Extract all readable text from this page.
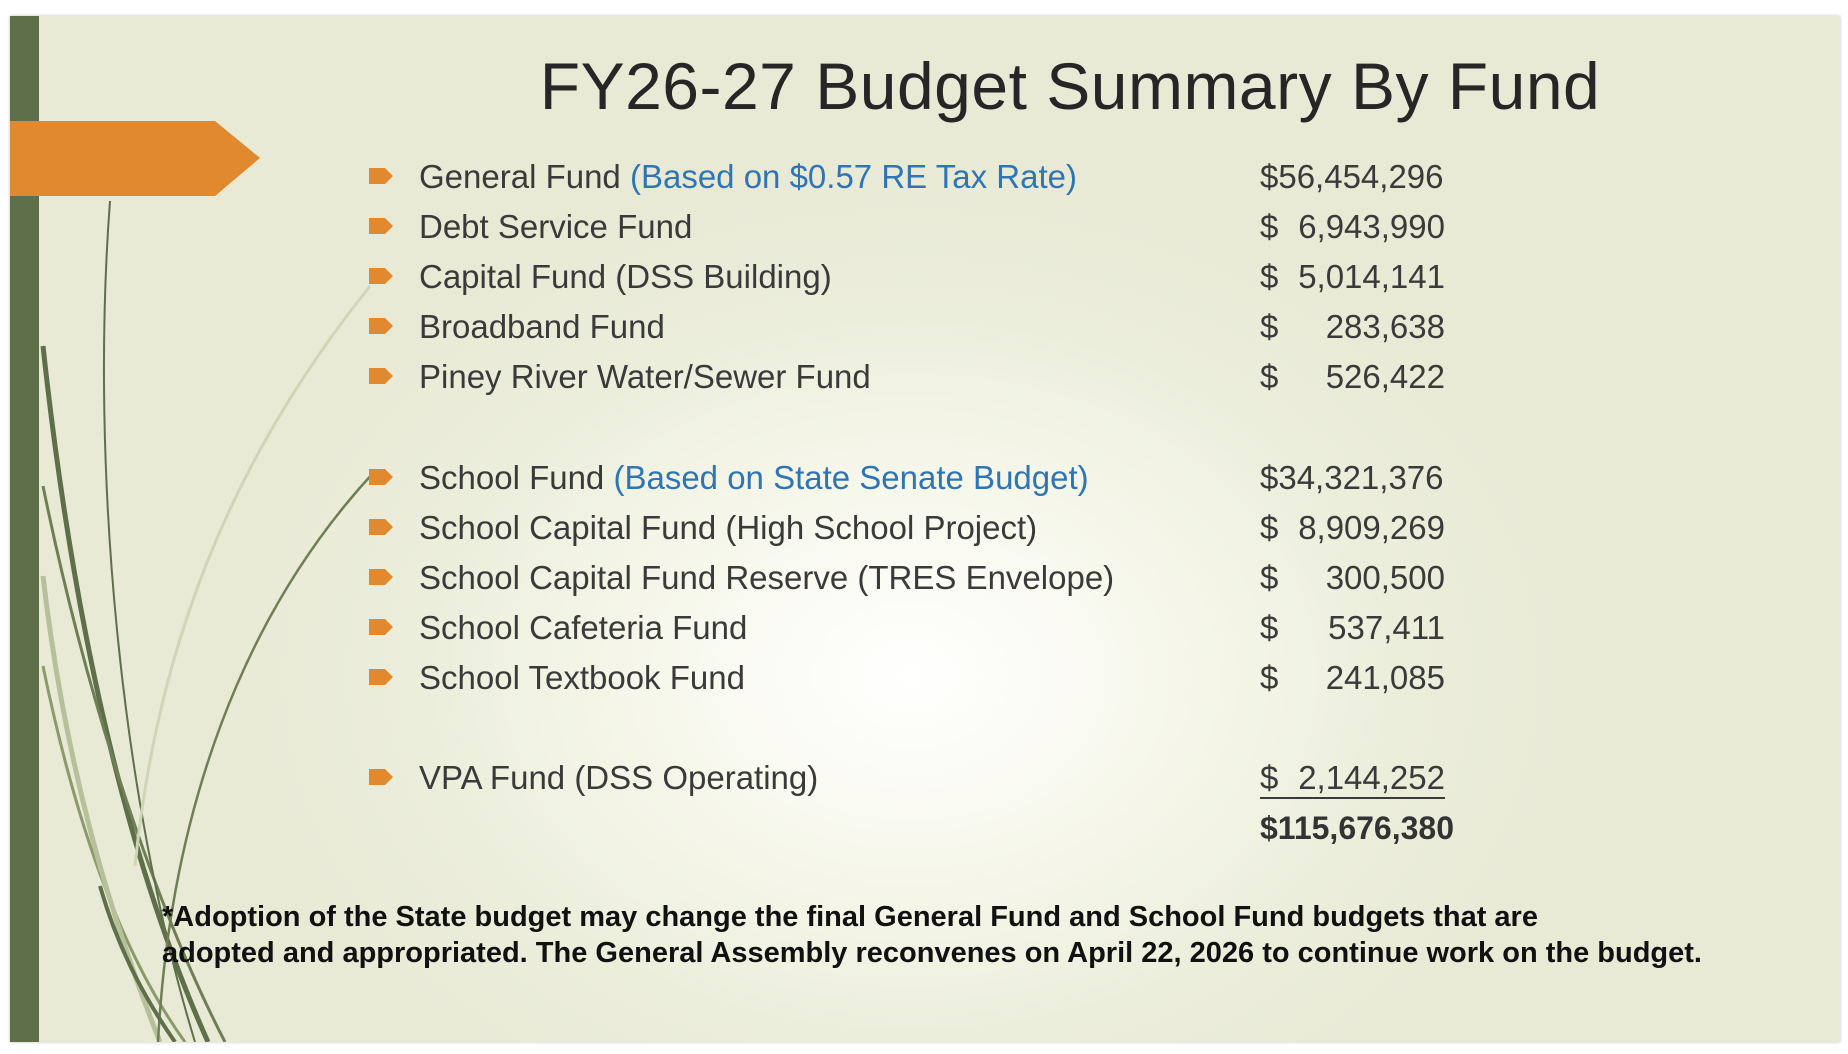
FY26-27 Budget Summary By Fund
General Fund (Based on $0.57 RE Tax Rate)	$56,454,296
Debt Service Fund	$ 6,943,990
Capital Fund (DSS Building)	$ 5,014,141
Broadband Fund	$ 283,638
Piney River Water/Sewer Fund	$ 526,422
School Fund (Based on State Senate Budget)	$34,321,376
School Capital Fund (High School Project)	$ 8,909,269
School Capital Fund Reserve (TRES Envelope)	$ 300,500
School Cafeteria Fund	$ 537,411
School Textbook Fund	$ 241,085
VPA Fund (DSS Operating)	$ 2,144,252
$115,676,380
*Adoption of the State budget may change the final General Fund and School Fund budgets that are
adopted and appropriated. The General Assembly reconvenes on April 22, 2026 to continue work on the budget.
